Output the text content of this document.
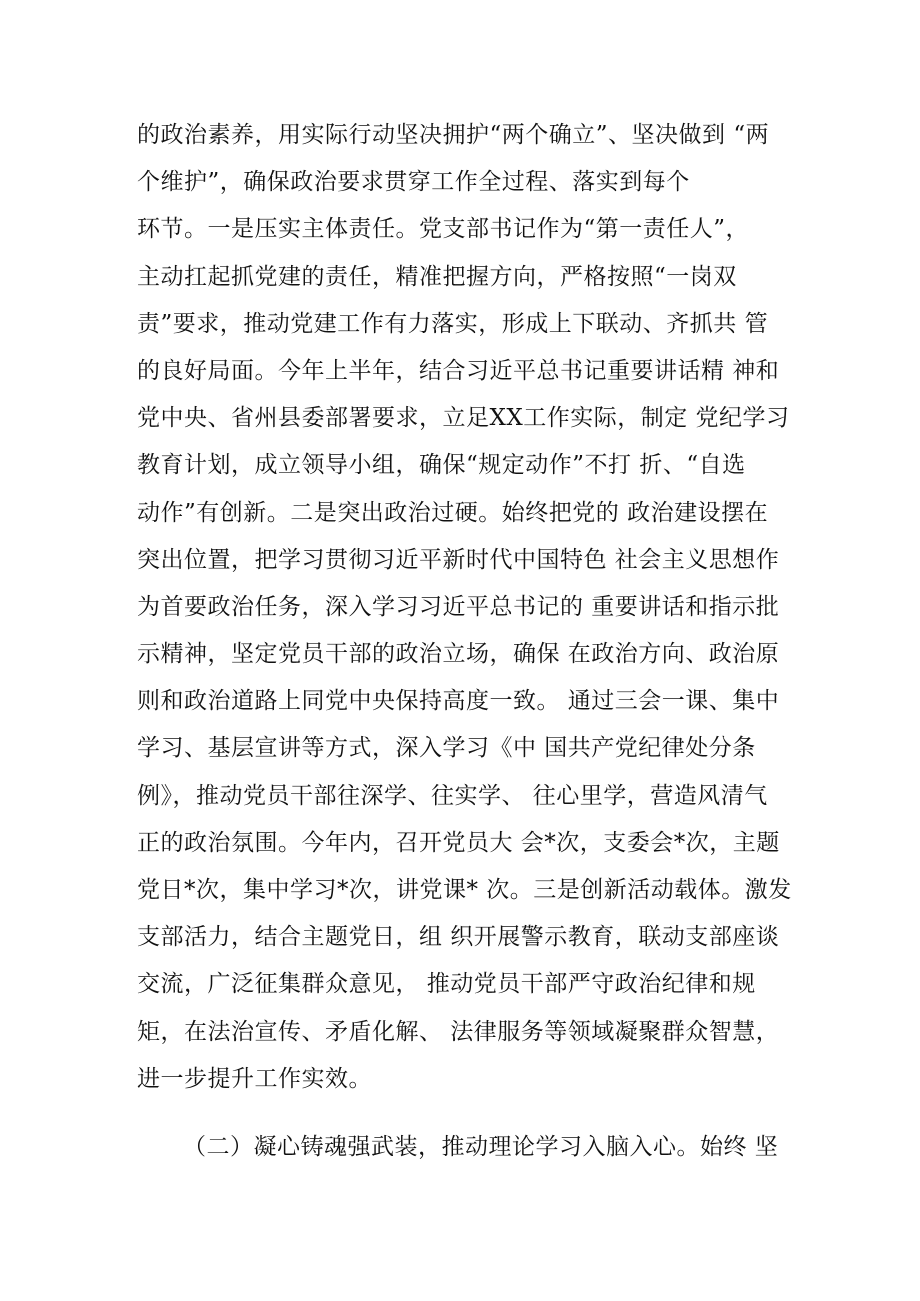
的政治素养，用实际行动坚决拥护“两个确立”、坚决做到 “两
个维护”，确保政治要求贯穿工作全过程、落实到每个
环节。一是压实主体责任。党支部书记作为“第一责任人”，
主动扛起抓党建的责任，精准把握方向，严格按照“一岗双
责”要求，推动党建工作有力落实，形成上下联动、齐抓共 管
的良好局面。今年上半年，结合习近平总书记重要讲话精 神和
党中央、省州县委部署要求，立足XX工作实际，制定 党纪学习
教育计划，成立领导小组，确保“规定动作”不打 折、“自选
动作”有创新。二是突出政治过硬。始终把党的 政治建设摆在
突出位置，把学习贯彻习近平新时代中国特色 社会主义思想作
为首要政治任务，深入学习习近平总书记的 重要讲话和指示批
示精神，坚定党员干部的政治立场，确保 在政治方向、政治原
则和政治道路上同党中央保持高度一致。 通过三会一课、集中
学习、基层宣讲等方式，深入学习《中 国共产党纪律处分条
例》，推动党员干部往深学、往实学、 往心里学，营造风清气
正的政治氛围。今年内，召开党员大 会*次，支委会*次，主题
党日*次，集中学习*次，讲党课* 次。三是创新活动载体。激发
支部活力，结合主题党日，组 织开展警示教育，联动支部座谈
交流，广泛征集群众意见， 推动党员干部严守政治纪律和规
矩，在法治宣传、矛盾化解、 法律服务等领域凝聚群众智慧，
进一步提升工作实效。
（二）凝心铸魂强武装，推动理论学习入脑入心。始终 坚
